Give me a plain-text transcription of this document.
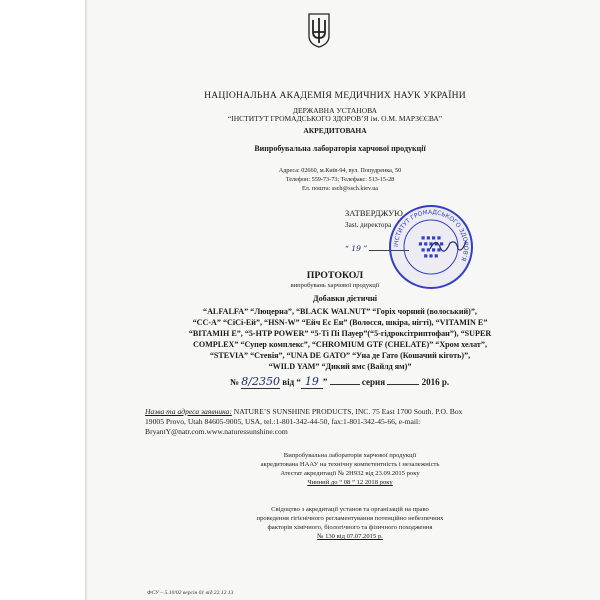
НАЦІОНАЛЬНА АКАДЕМІЯ МЕДИЧНИХ НАУК УКРАЇНИ
ДЕРЖАВНА УСТАНОВА
“ІНСТИТУТ ГРОМАДСЬКОГО ЗДОРОВ’Я ім. О.М. МАРЗЄЄВА”
АКРЕДИТОВАНА
Випробувальна лабораторія харчової продукції
Адреса: 02660, м.Київ-94, вул. Попудренка, 50
Телефон: 559-73-73; Телефакс: 513-15-28
Ел. пошта: ssch@ssch.kiev.ua
ЗАТВЕРДЖУЮ
Зast. директора
“ 19 ”	ІНСТИТУТ ГРОМАДСЬКОГО ЗДОРОВ’Я
■ ■ ■ ■
■ ■ ■ ■ ■
■ ■ ■ ■
■ ■ ■
ПРОТОКОЛ
випробувань харчової продукції
Добавки дієтичні
“ALFALFA” “Люцерна”, “BLACK WALNUT” “Горіх чорний (волоський)”,
“CC-A” “СіСі-Ей”, “HSN-W” “Ейч Ес Ен” (Волосся, шкіра, нігті), “VITAMIN E”
“ВІТАМІН Е”, “5-HTP POWER” “5-Ті Пі Пауер”(“5-гідроксітриптофан”), “SUPER
COMPLEX” “Супер комплекс”, “CHROMIUM GTF (CHELATE)” “Хром хелат”,
“STEVIA” “Стевія”, “UNA DE GATO” “Уна де Гато (Кошачий кіготь)”,
“WILD YAM” “Дикий ямс (Вайлд ям)”
№ 8/2350 від “ 19 ”	серия	2016 р.
Назва та адреса заявника: NATURE’S SUNSHINE PRODUCTS, INC. 75 East 1700 South. P.O. Box
19005 Provo, Utah 84605-9005, USA, tel.:1-801-342-44-50, fax:1-801-342-45-66, e-mail:
BryantY@natr.com.www.naturessunshine.com
Випробувальна лабораторія харчової продукції
акредитована НААУ на технічну компетентність і незалежність
Атестат акредитації № 2Н932 від 23.09.2015 року
Чинний до “ 08 ” 12 2018 року
Свідоцтво з акредитації установ та організацій на право
проведення гігієнічного регламентування потенційно небезпечних
факторів хімічного, біологічного та фізичного походження
№ 130 від 07.07.2015 р.
ФСУ – 5.10/02 версія 01 від 22.12.13
